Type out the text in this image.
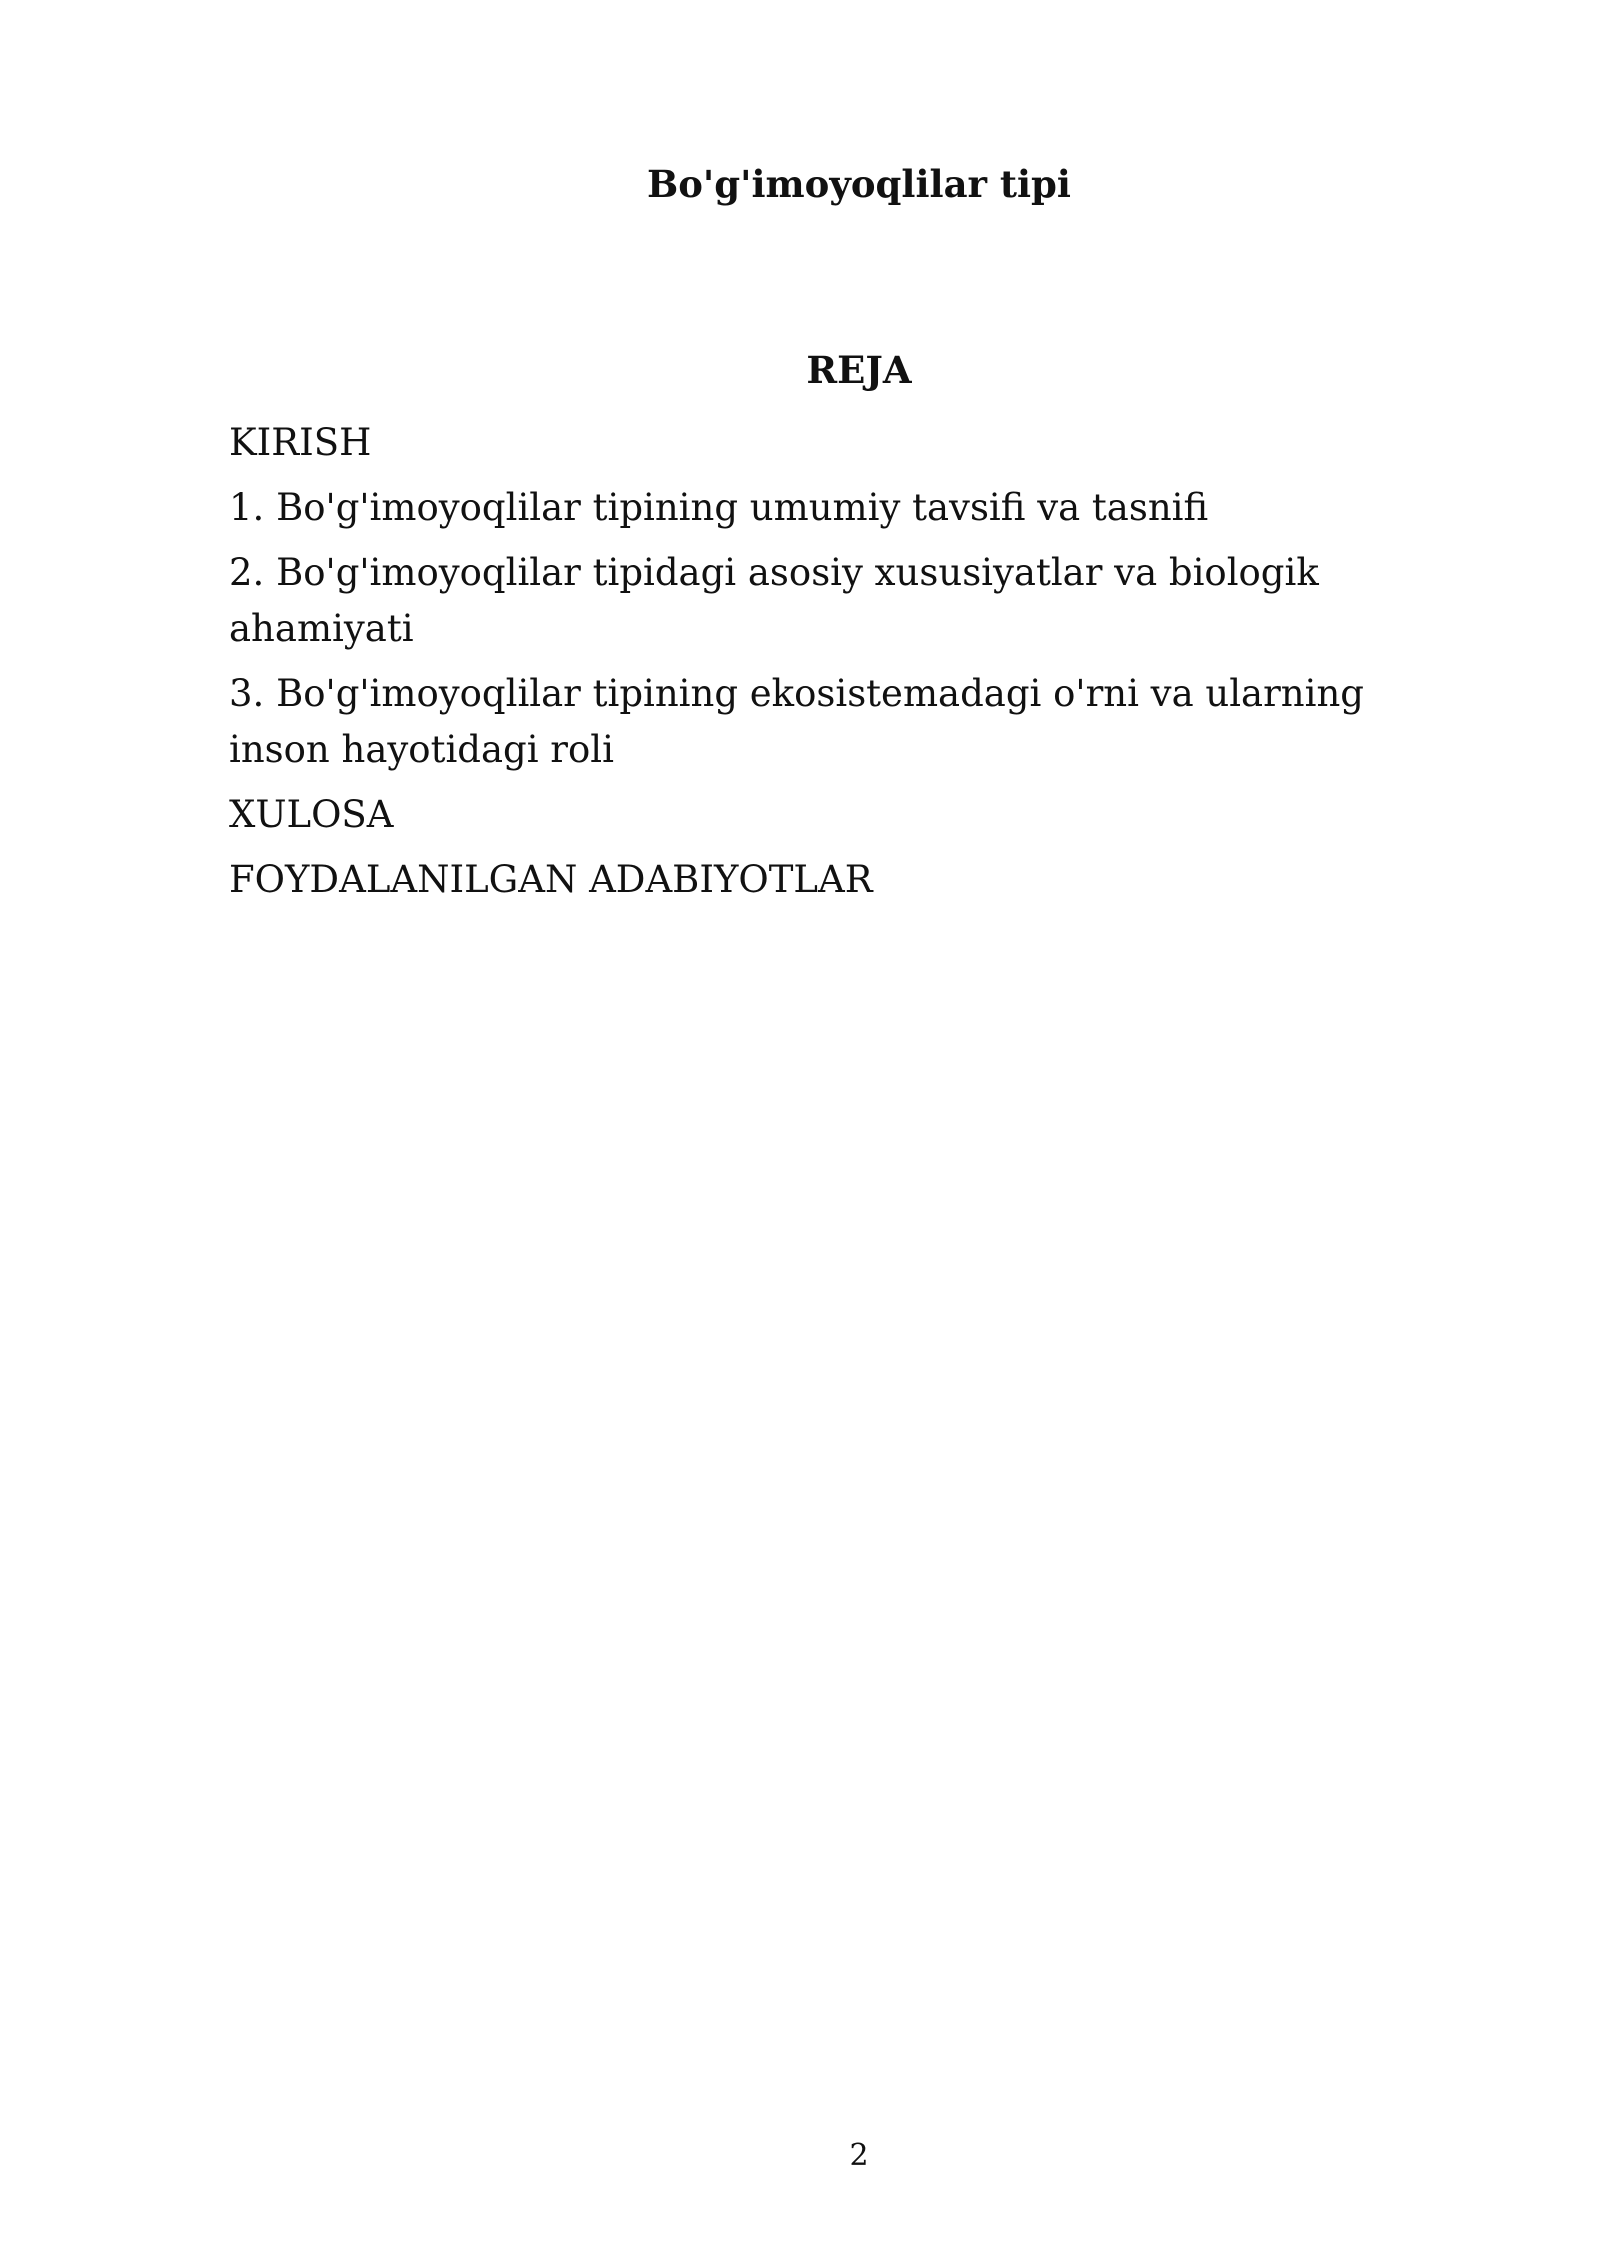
Bo'g'imoyoqlilar tipi
REJA
KIRISH
1. Bo'g'imoyoqlilar tipining umumiy tavsifi va tasnifi
2. Bo'g'imoyoqlilar tipidagi asosiy xususiyatlar va biologik ahamiyati
3. Bo'g'imoyoqlilar tipining ekosistemadagi o'rni va ularning inson hayotidagi roli
XULOSA
FOYDALANILGAN ADABIYOTLAR
2
